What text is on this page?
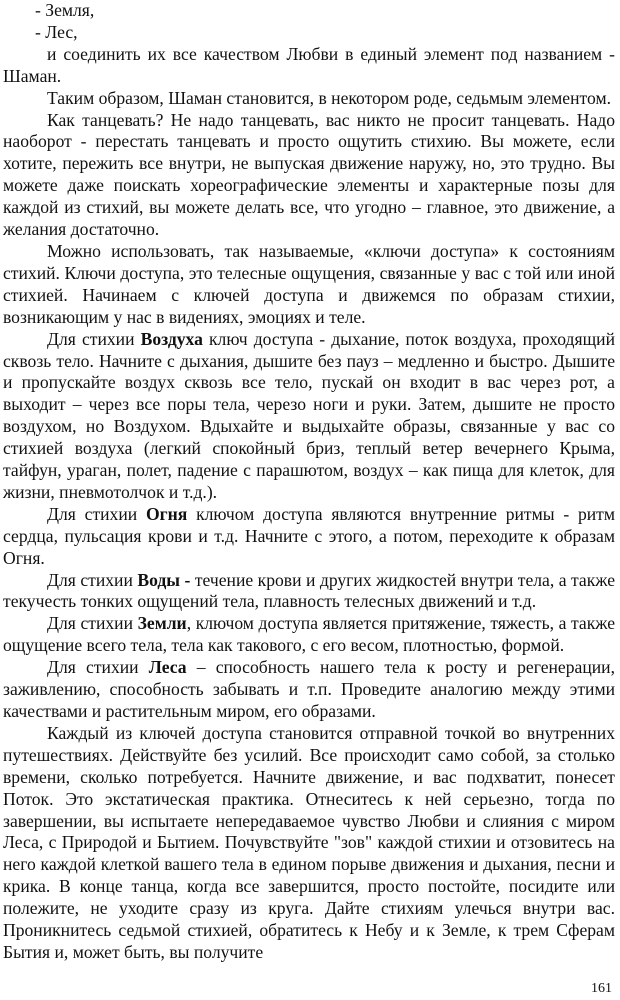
- Земля,

- Лес,

и соединить их все качеством Любви в единый элемент под названием - Шаман.

Таким образом, Шаман становится, в некотором роде, седьмым элементом.

Как танцевать? Не надо танцевать, вас никто не просит танцевать. Надо наоборот - перестать танцевать и просто ощутить стихию. Вы можете, если хотите, пережить все внутри, не выпуская движение наружу, но, это трудно. Вы можете даже поискать хореографические элементы и характерные позы для каждой из стихий, вы можете делать все, что угодно – главное, это движение, а желания достаточно.

Можно использовать, так называемые, «ключи доступа» к состояниям стихий. Ключи доступа, это телесные ощущения, связанные у вас с той или иной стихией. Начинаем с ключей доступа и движемся по образам стихии, возникающим у нас в видениях, эмоциях и теле.

Для стихии Воздуха ключ доступа - дыхание, поток воздуха, проходящий сквозь тело. Начните с дыхания, дышите без пауз – медленно и быстро. Дышите и пропускайте воздух сквозь все тело, пускай он входит в вас через рот, а выходит – через все поры тела, черезо ноги и руки. Затем, дышите не просто воздухом, но Воздухом. Вдыхайте и выдыхайте образы, связанные у вас со стихией воздуха (легкий спокойный бриз, теплый ветер вечернего Крыма, тайфун, ураган, полет, падение с парашютом, воздух – как пища для клеток, для жизни, пневмотолчок и т.д.).

Для стихии Огня ключом доступа являются внутренние ритмы - ритм сердца, пульсация крови и т.д. Начните с этого, а потом, переходите к образам Огня.

Для стихии Воды - течение крови и других жидкостей внутри тела, а также текучесть тонких ощущений тела, плавность телесных движений и т.д.

Для стихии Земли, ключом доступа является притяжение, тяжесть, а также ощущение всего тела, тела как такового, с его весом, плотностью, формой.

Для стихии Леса – способность нашего тела к росту и регенерации, заживлению, способность забывать и т.п. Проведите аналогию между этими качествами и растительным миром, его образами.

Каждый из ключей доступа становится отправной точкой во внутренних путешествиях. Действуйте без усилий. Все происходит само собой, за столько времени, сколько потребуется. Начните движение, и вас подхватит, понесет Поток. Это экстатическая практика. Отнеситесь к ней серьезно, тогда по завершении, вы испытаете непередаваемое чувство Любви и слияния с миром Леса, с Природой и Бытием. Почувствуйте "зов" каждой стихии и отзовитесь на него каждой клеткой вашего тела в едином порыве движения и дыхания, песни и крика. В конце танца, когда все завершится, просто постойте, посидите или полежите, не уходите сразу из круга. Дайте стихиям улечься внутри вас. Проникнитесь седьмой стихией, обратитесь к Небу и к Земле, к трем Сферам Бытия и, может быть, вы получите

161
